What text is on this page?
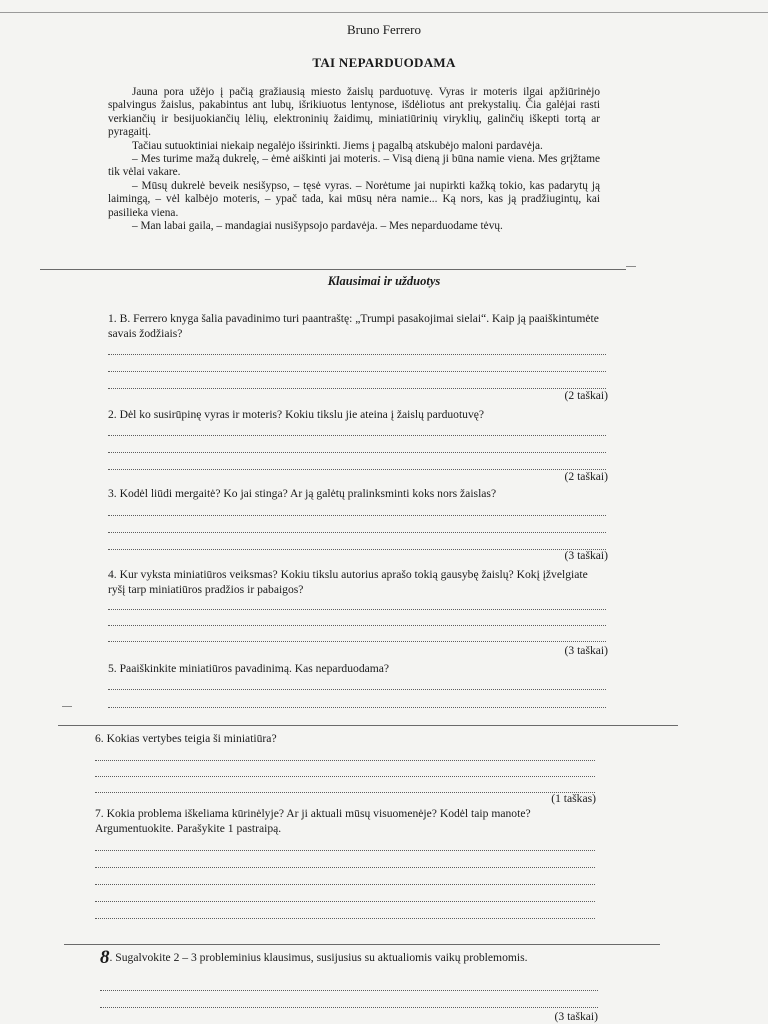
Bruno Ferrero
TAI NEPARDUODAMA

Jauna pora užėjo į pačią gražiausią miesto žaislų parduotuvę. Vyras ir moteris ilgai apžiūrinėjo spalvingus žaislus, pakabintus ant lubų, išrikiuotus lentynose, išdėliotus ant prekystalių. Čia galėjai rasti verkiančių ir besijuokiančių lėlių, elektroninių žaidimų, miniatiūrinių viryklių, galinčių iškepti tortą ar pyragaitį.

Tačiau sutuoktiniai niekaip negalėjo išsirinkti. Jiems į pagalbą atskubėjo maloni pardavėja.

– Mes turime mažą dukrelę, – ėmė aiškinti jai moteris. – Visą dieną ji būna namie viena. Mes grįžtame tik vėlai vakare.

– Mūsų dukrelė beveik nesišypso, – tęsė vyras. – Norėtume jai nupirkti kažką tokio, kas padarytų ją laimingą, – vėl kalbėjo moteris, – ypač tada, kai mūsų nėra namie... Ką nors, kas ją pradžiugintų, kai pasilieka viena.

– Man labai gaila, – mandagiai nusišypsojo pardavėja. – Mes neparduodame tėvų.

Klausimai ir užduotys
1. B. Ferrero knyga šalia pavadinimo turi paantraštę: „Trumpi pasakojimai sielai“. Kaip ją paaiškintumėte savais žodžiais?
(2 taškai)
2. Dėl ko susirūpinę vyras ir moteris? Kokiu tikslu jie ateina į žaislų parduotuvę?
(2 taškai)
3. Kodėl liūdi mergaitė? Ko jai stinga? Ar ją galėtų pralinksminti koks nors žaislas?
(3 taškai)
4. Kur vyksta miniatiūros veiksmas? Kokiu tikslu autorius aprašo tokią gausybę žaislų? Kokį įžvelgiate ryšį tarp miniatiūros pradžios ir pabaigos?
(3 taškai)
5. Paaiškinkite miniatiūros pavadinimą. Kas neparduodama?
6. Kokias vertybes teigia ši miniatiūra?
(1 taškas)
7. Kokia problema iškeliama kūrinėlyje? Ar ji aktuali mūsų visuomenėje? Kodėl taip manote? Argumentuokite. Parašykite 1 pastraipą.
8. Sugalvokite 2 – 3 probleminius klausimus, susijusius su aktualiomis vaikų problemomis.
(3 taškai)
